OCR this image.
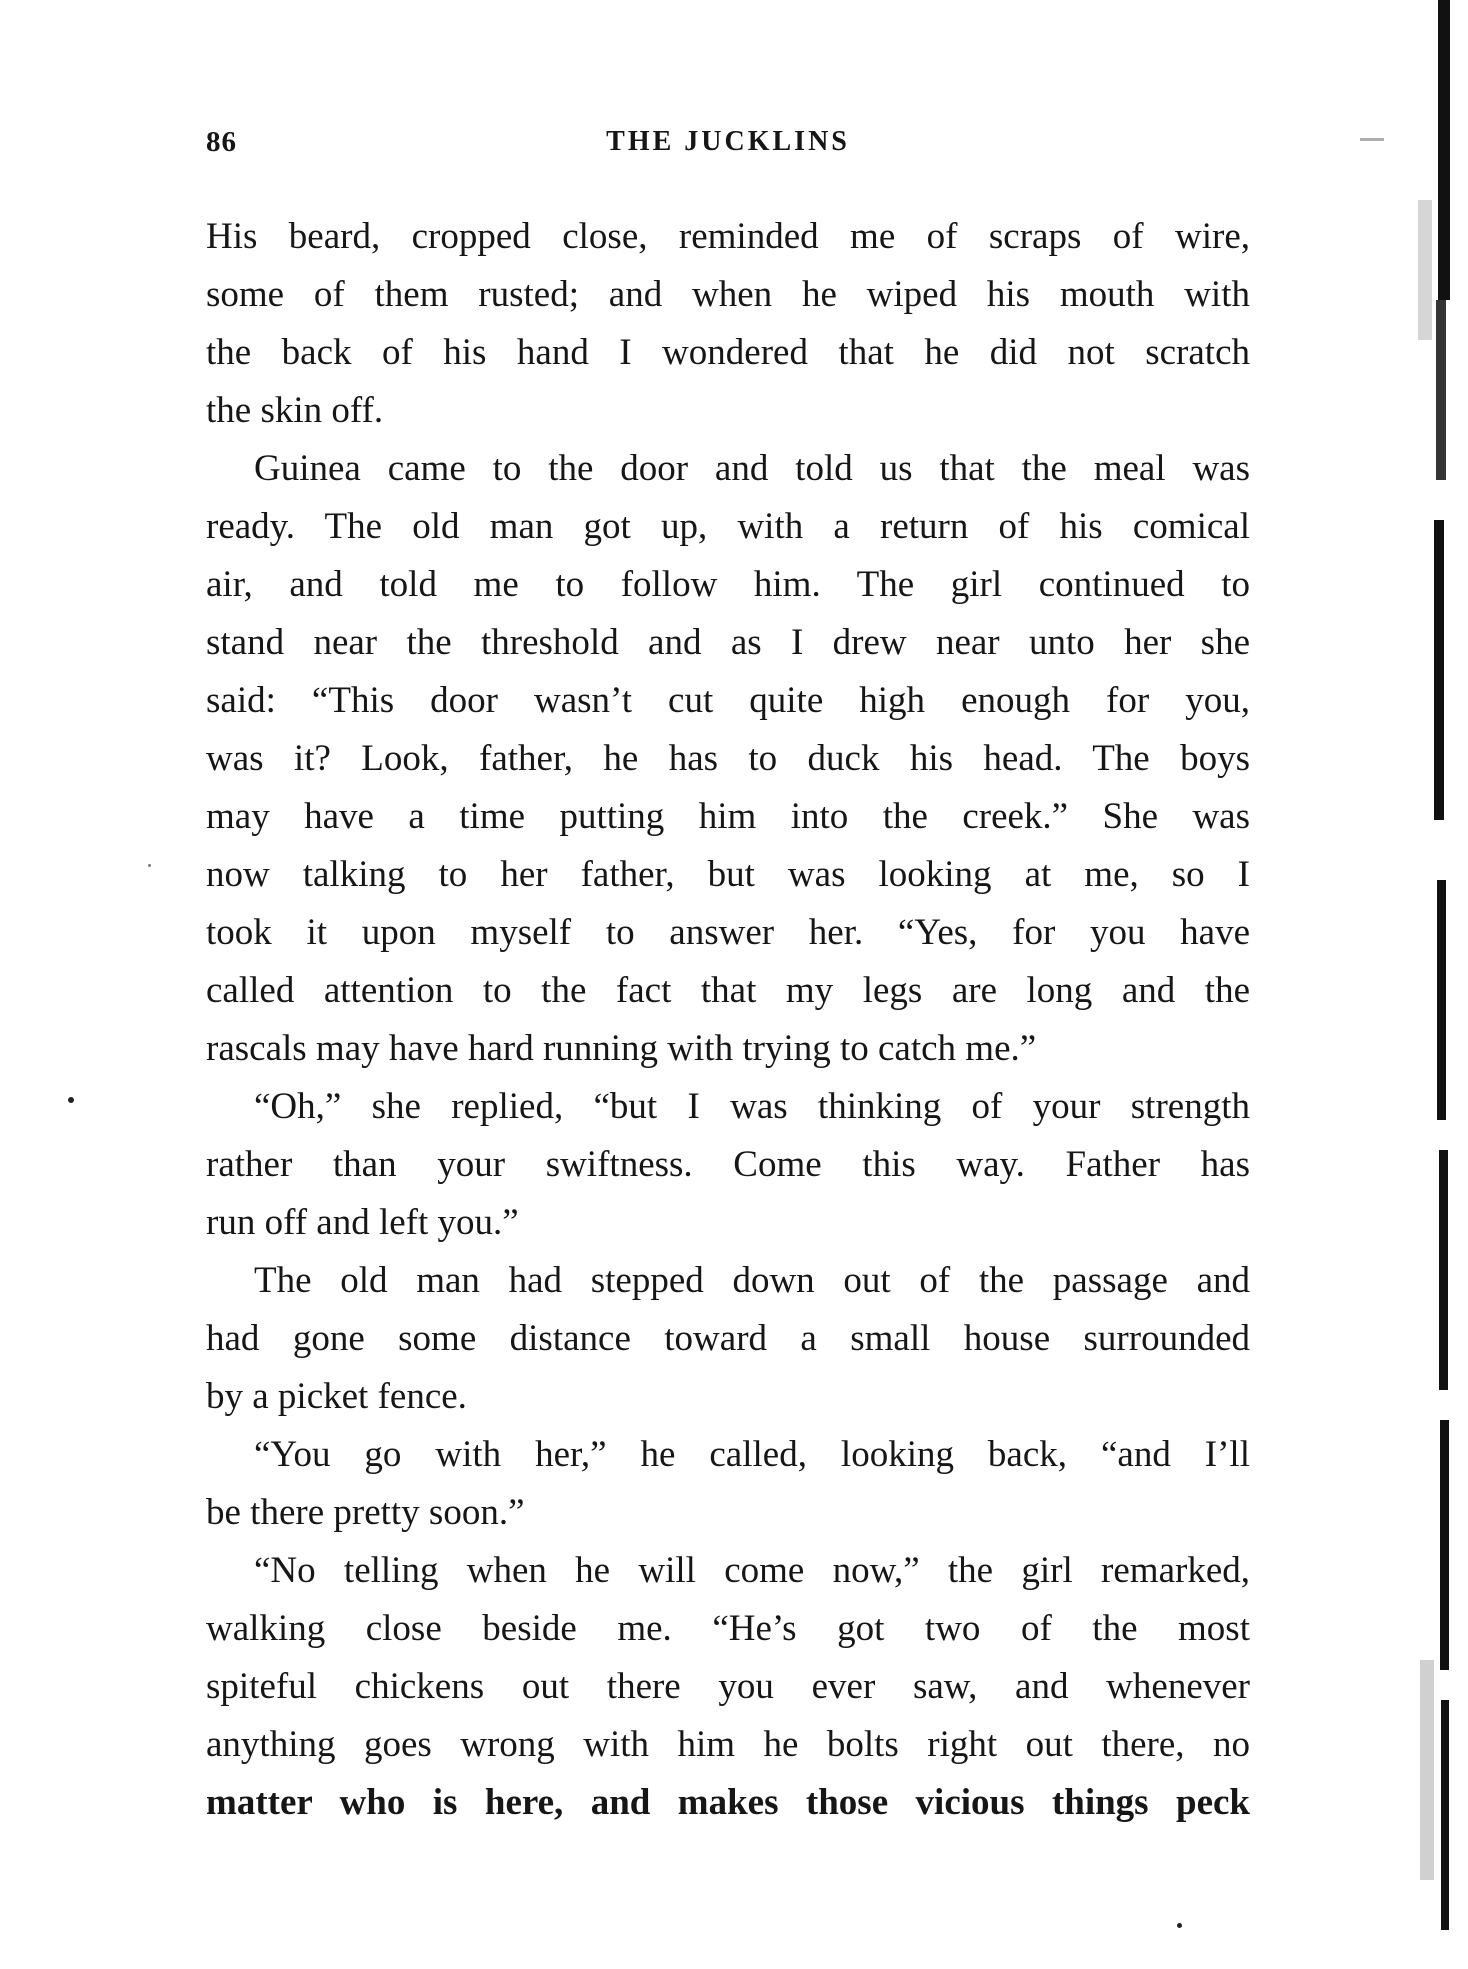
86	THE JUCKLINS
His beard, cropped close, reminded me of scraps of wire,
some of them rusted; and when he wiped his mouth with
the back of his hand I wondered that he did not scratch
the skin off.
Guinea came to the door and told us that the meal was
ready. The old man got up, with a return of his comical
air, and told me to follow him. The girl continued to
stand near the threshold and as I drew near unto her she
said: “This door wasn’t cut quite high enough for you,
was it? Look, father, he has to duck his head. The boys
may have a time putting him into the creek.” She was
now talking to her father, but was looking at me, so I
took it upon myself to answer her. “Yes, for you have
called attention to the fact that my legs are long and the
rascals may have hard running with trying to catch me.”
“Oh,” she replied, “but I was thinking of your strength
rather than your swiftness. Come this way. Father has
run off and left you.”
The old man had stepped down out of the passage and
had gone some distance toward a small house surrounded
by a picket fence.
“You go with her,” he called, looking back, “and I’ll
be there pretty soon.”
“No telling when he will come now,” the girl remarked,
walking close beside me. “He’s got two of the most
spiteful chickens out there you ever saw, and whenever
anything goes wrong with him he bolts right out there, no
matter who is here, and makes those vicious things peck
